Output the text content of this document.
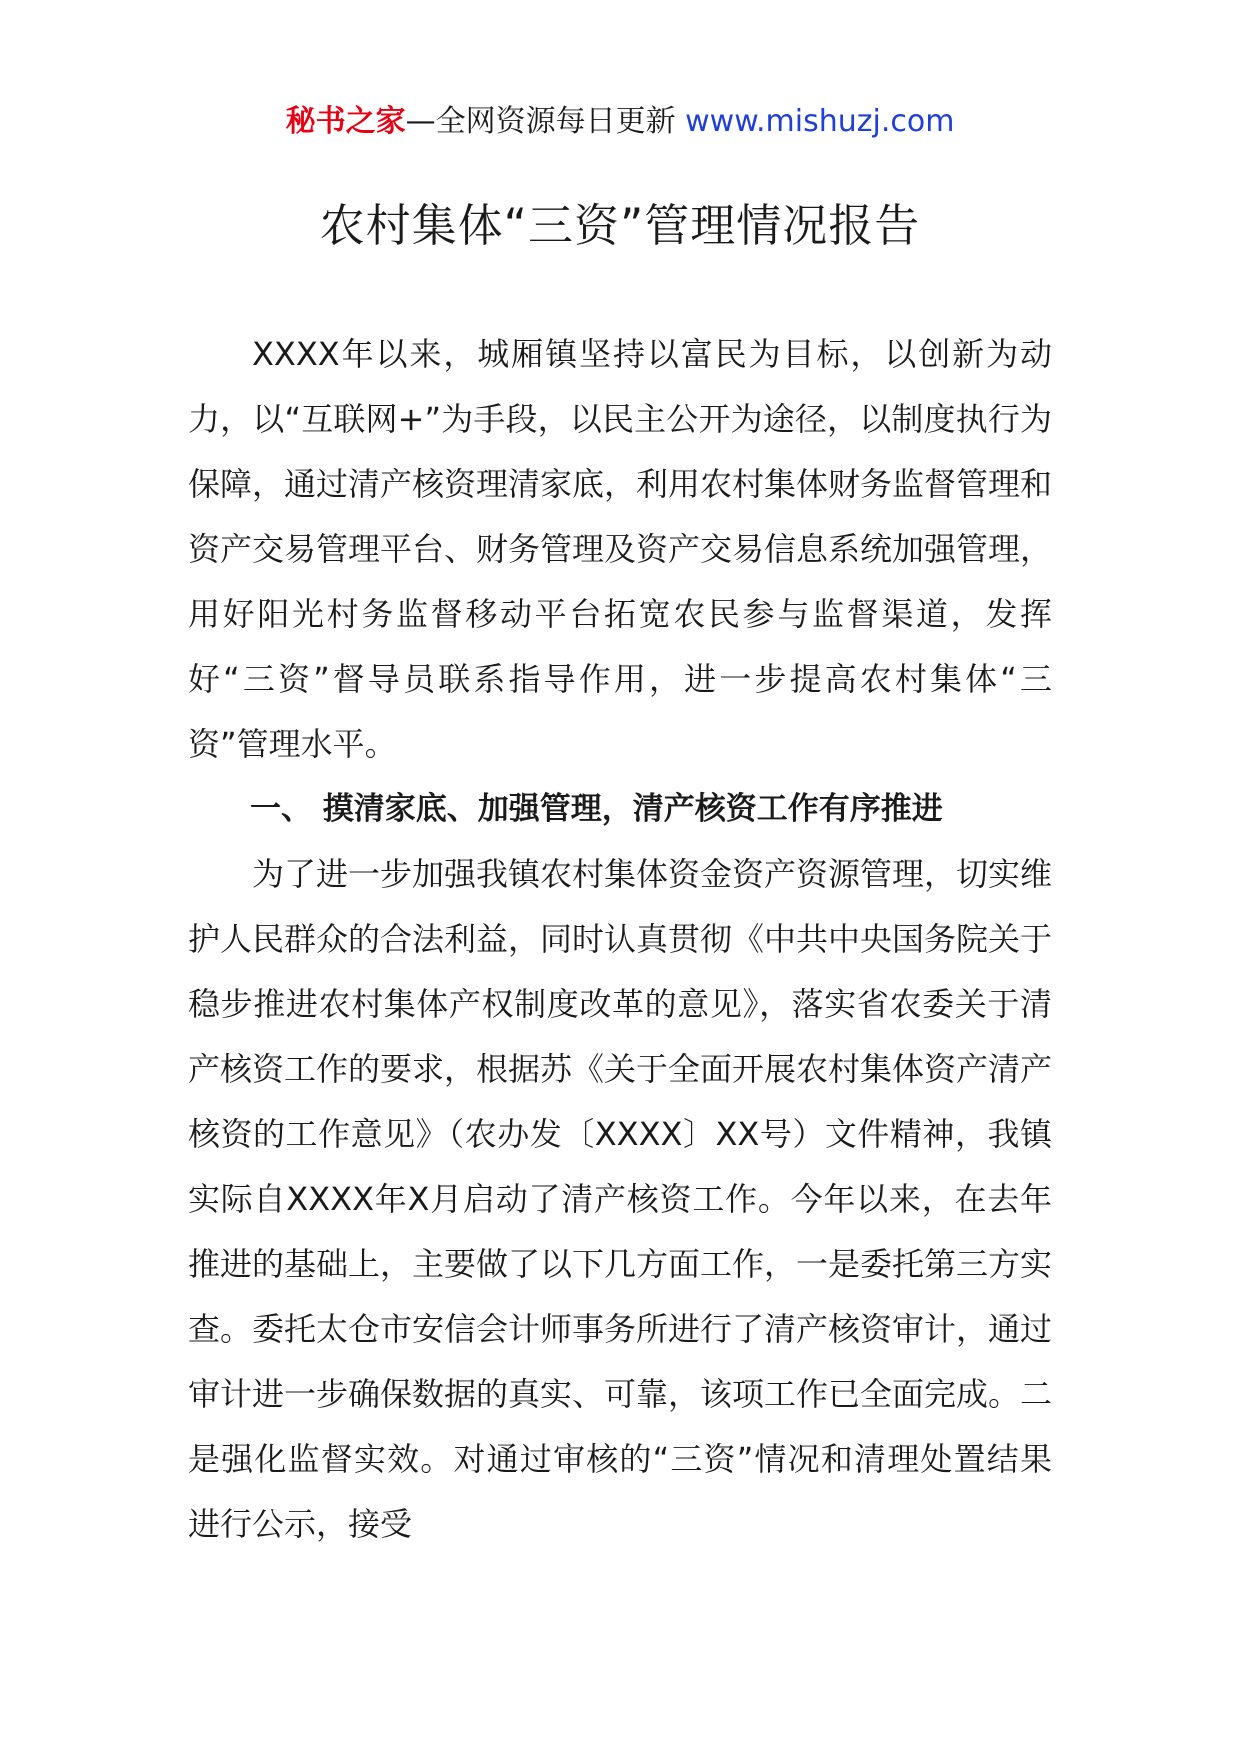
秘书之家—全网资源每日更新 www.mishuzj.com
农村集体“三资”管理情况报告

XXXX年以来，城厢镇坚持以富民为目标，以创新为动力，以“互联网+”为手段，以民主公开为途径，以制度执行为保障，通过清产核资理清家底，利用农村集体财务监督管理和资产交易管理平台、财务管理及资产交易信息系统加强管理，用好阳光村务监督移动平台拓宽农民参与监督渠道，发挥好“三资”督导员联系指导作用，进一步提高农村集体“三资”管理水平。

一、 摸清家底、加强管理，清产核资工作有序推进

为了进一步加强我镇农村集体资金资产资源管理，切实维护人民群众的合法利益，同时认真贯彻《中共中央国务院关于稳步推进农村集体产权制度改革的意见》，落实省农委关于清产核资工作的要求，根据苏《关于全面开展农村集体资产清产核资的工作意见》（农办发〔XXXX〕XX号）文件精神，我镇实际自XXXX年X月启动了清产核资工作。今年以来，在去年推进的基础上，主要做了以下几方面工作，一是委托第三方实查。委托太仓市安信会计师事务所进行了清产核资审计，通过审计进一步确保数据的真实、可靠，该项工作已全面完成。二是强化监督实效。对通过审核的“三资”情况和清理处置结果进行公示，接受
